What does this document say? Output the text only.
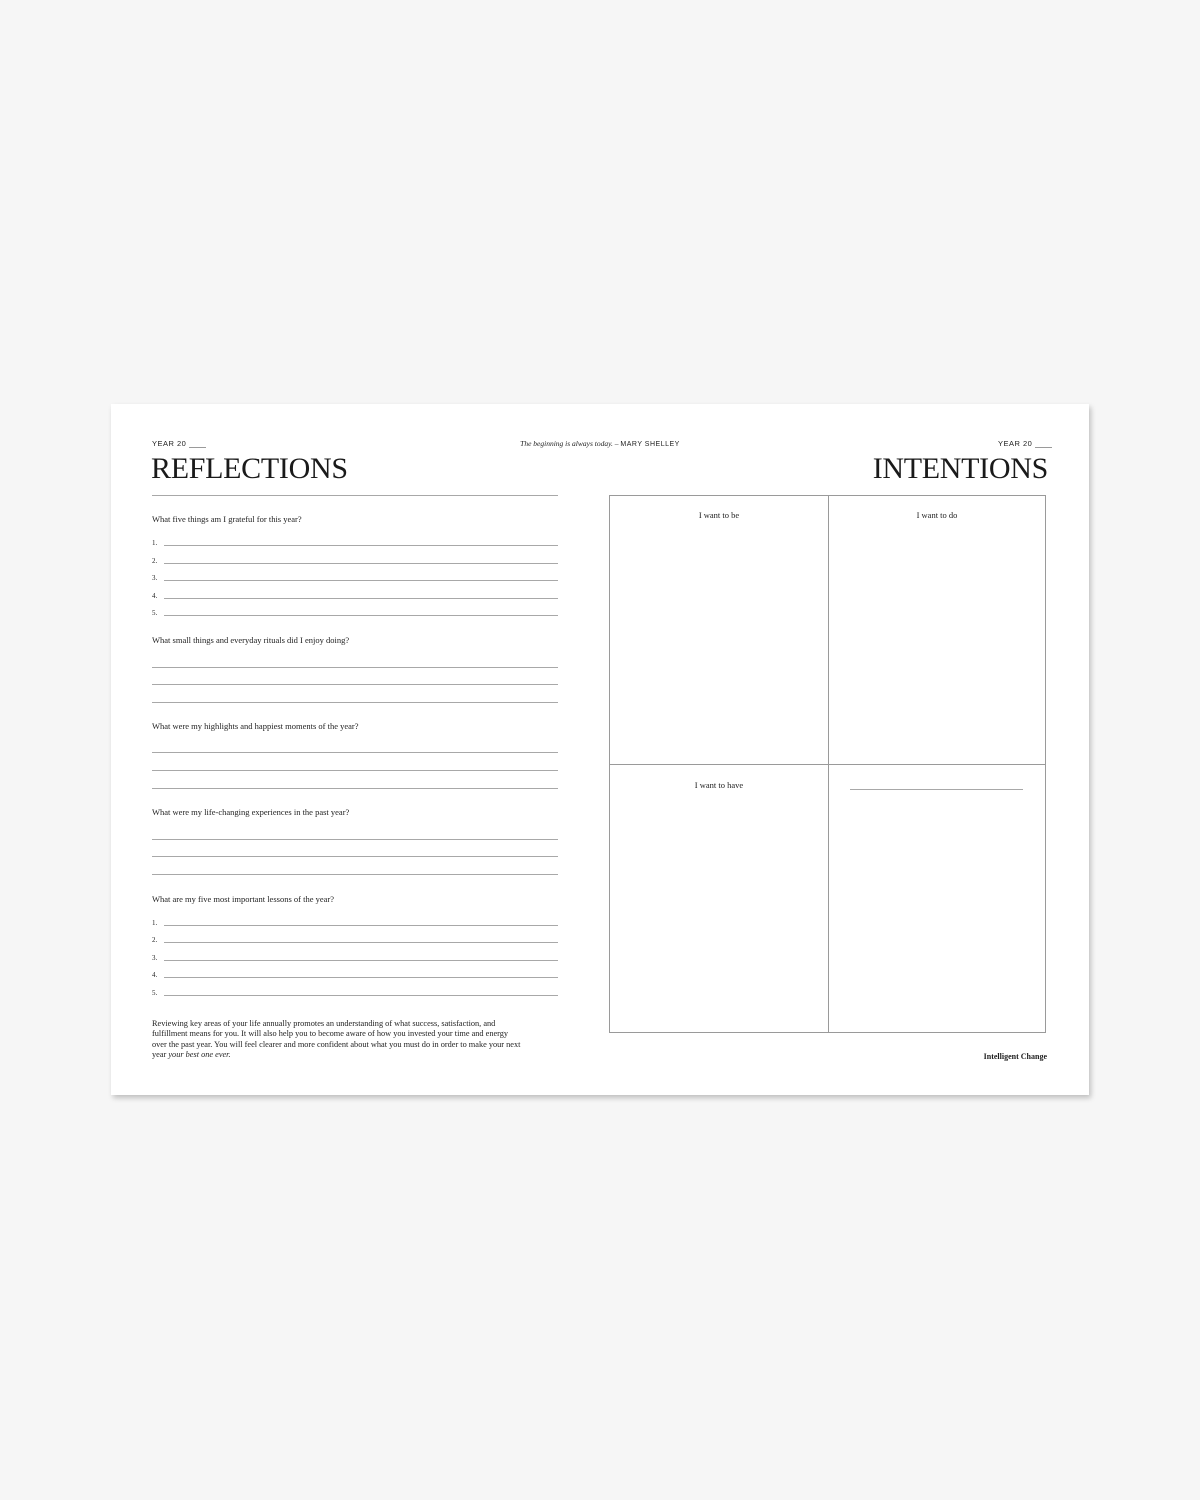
YEAR 20	The beginning is always today. – MARY SHELLEY	YEAR 20
REFLECTIONS	INTENTIONS
What five things am I grateful for this year?
1.
2.
3.
4.
5.
What small things and everyday rituals did I enjoy doing?
What were my highlights and happiest moments of the year?
What were my life-changing experiences in the past year?
What are my five most important lessons of the year?
1.
2.
3.
4.
5.
Reviewing key areas of your life annually promotes an understanding of what success, satisfaction, and fulfillment means for you. It will also help you to become aware of how you invested your time and energy over the past year. You will feel clearer and more confident about what you must do in order to make your next year your best one ever.
I want to be	I want to do
I want to have
Intelligent Change
